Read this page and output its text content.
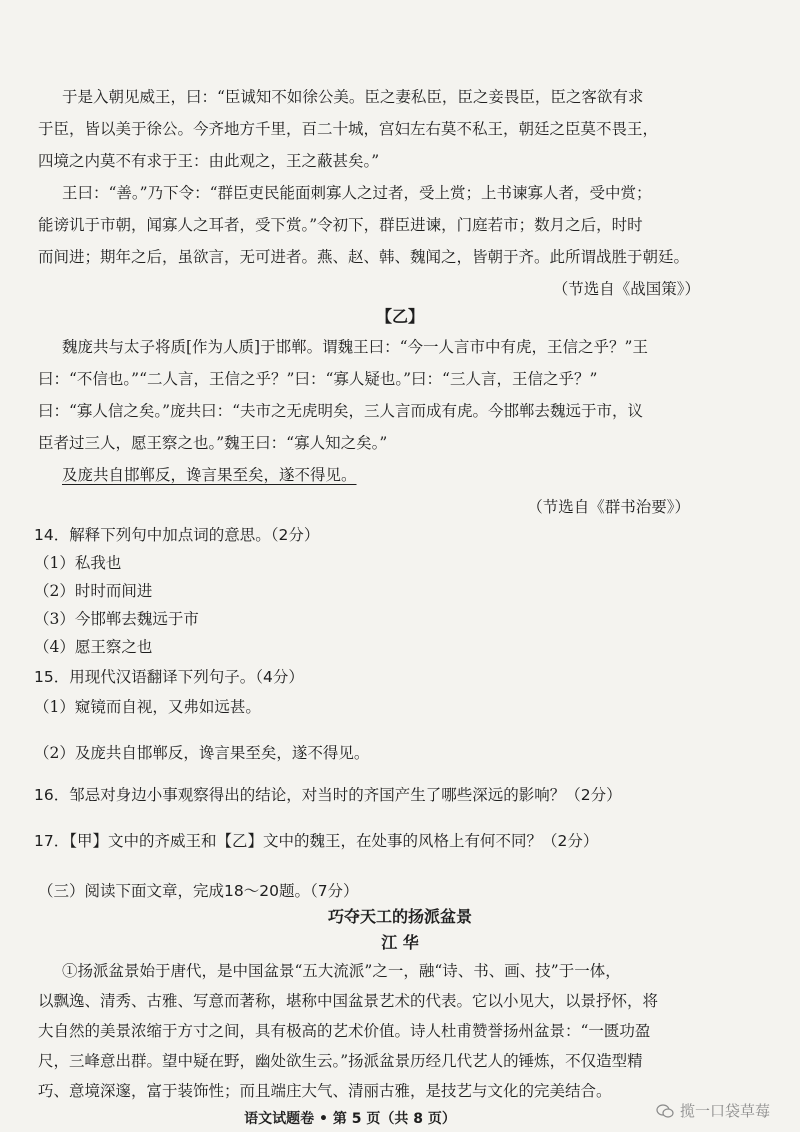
于是入朝见威王，曰：“臣诚知不如徐公美。臣之妻私臣，臣之妾畏臣，臣之客欲有求
于臣，皆以美于徐公。今齐地方千里，百二十城，宫妇左右莫不私王，朝廷之臣莫不畏王，
四境之内莫不有求于王：由此观之，王之蔽甚矣。”
王曰：“善。”乃下令：“群臣吏民能面刺寡人之过者，受上赏；上书谏寡人者，受中赏；
能谤讥于市朝，闻寡人之耳者，受下赏。”令初下，群臣进谏，门庭若市；数月之后，时时
而间进；期年之后，虽欲言，无可进者。燕、赵、韩、魏闻之，皆朝于齐。此所谓战胜于朝廷。
（节选自《战国策》）
【乙】
魏庞共与太子将质[作为人质]于邯郸。谓魏王曰：“今一人言市中有虎，王信之乎？”王
曰：“不信也。”“二人言，王信之乎？”曰：“寡人疑也。”曰：“三人言，王信之乎？”
曰：“寡人信之矣。”庞共曰：“夫市之无虎明矣，三人言而成有虎。今邯郸去魏远于市，议
臣者过三人，愿王察之也。”魏王曰：“寡人知之矣。”
及庞共自邯郸反，谗言果至矣，遂不得见。
（节选自《群书治要》）
14．解释下列句中加点词的意思。（2分）
（1）私我也
（2）时时而间进
（3）今邯郸去魏远于市
（4）愿王察之也
15．用现代汉语翻译下列句子。（4分）
（1）窥镜而自视，又弗如远甚。
（2）及庞共自邯郸反，谗言果至矣，遂不得见。
16．邹忌对身边小事观察得出的结论，对当时的齐国产生了哪些深远的影响？（2分）
17．【甲】文中的齐威王和【乙】文中的魏王，在处事的风格上有何不同？（2分）
（三）阅读下面文章，完成18～20题。（7分）
巧夺天工的扬派盆景
江 华
①扬派盆景始于唐代，是中国盆景“五大流派”之一，融“诗、书、画、技”于一体，
以飘逸、清秀、古雅、写意而著称，堪称中国盆景艺术的代表。它以小见大，以景抒怀，将
大自然的美景浓缩于方寸之间，具有极高的艺术价值。诗人杜甫赞誉扬州盆景：“一匮功盈
尺，三峰意出群。望中疑在野，幽处欲生云。”扬派盆景历经几代艺人的锤炼，不仅造型精
巧、意境深邃，富于装饰性；而且端庄大气、清丽古雅，是技艺与文化的完美结合。
语文试题卷 • 第 5 页（共 8 页）	揽一口袋草莓
